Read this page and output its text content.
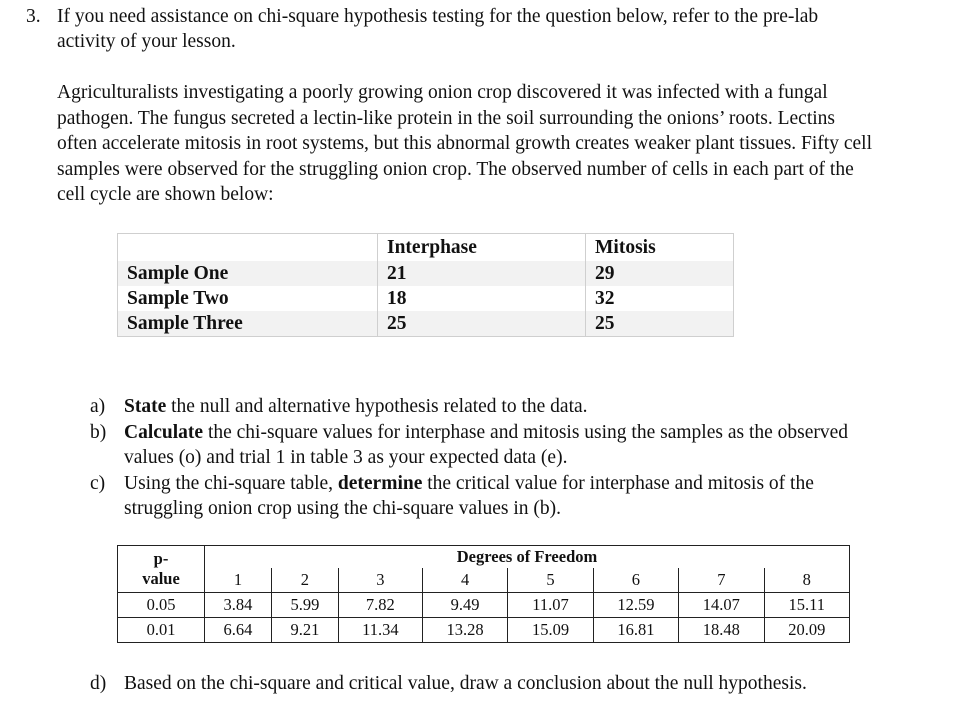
3. If you need assistance on chi-square hypothesis testing for the question below, refer to the pre-lab activity of your lesson.
Agriculturalists investigating a poorly growing onion crop discovered it was infected with a fungal pathogen. The fungus secreted a lectin-like protein in the soil surrounding the onions’ roots. Lectins often accelerate mitosis in root systems, but this abnormal growth creates weaker plant tissues. Fifty cell samples were observed for the struggling onion crop. The observed number of cells in each part of the cell cycle are shown below:
	Interphase	Mitosis
Sample One	21	29
Sample Two	18	32
Sample Three	25	25
a) State the null and alternative hypothesis related to the data.
b) Calculate the chi-square values for interphase and mitosis using the samples as the observed values (o) and trial 1 in table 3 as your expected data (e).
c) Using the chi-square table, determine the critical value for interphase and mitosis of the struggling onion crop using the chi-square values in (b).
p-
value	Degrees of Freedom							
	1	2	3	4	5	6	7	8
0.05	3.84	5.99	7.82	9.49	11.07	12.59	14.07	15.11
0.01	6.64	9.21	11.34	13.28	15.09	16.81	18.48	20.09
d) Based on the chi-square and critical value, draw a conclusion about the null hypothesis.
